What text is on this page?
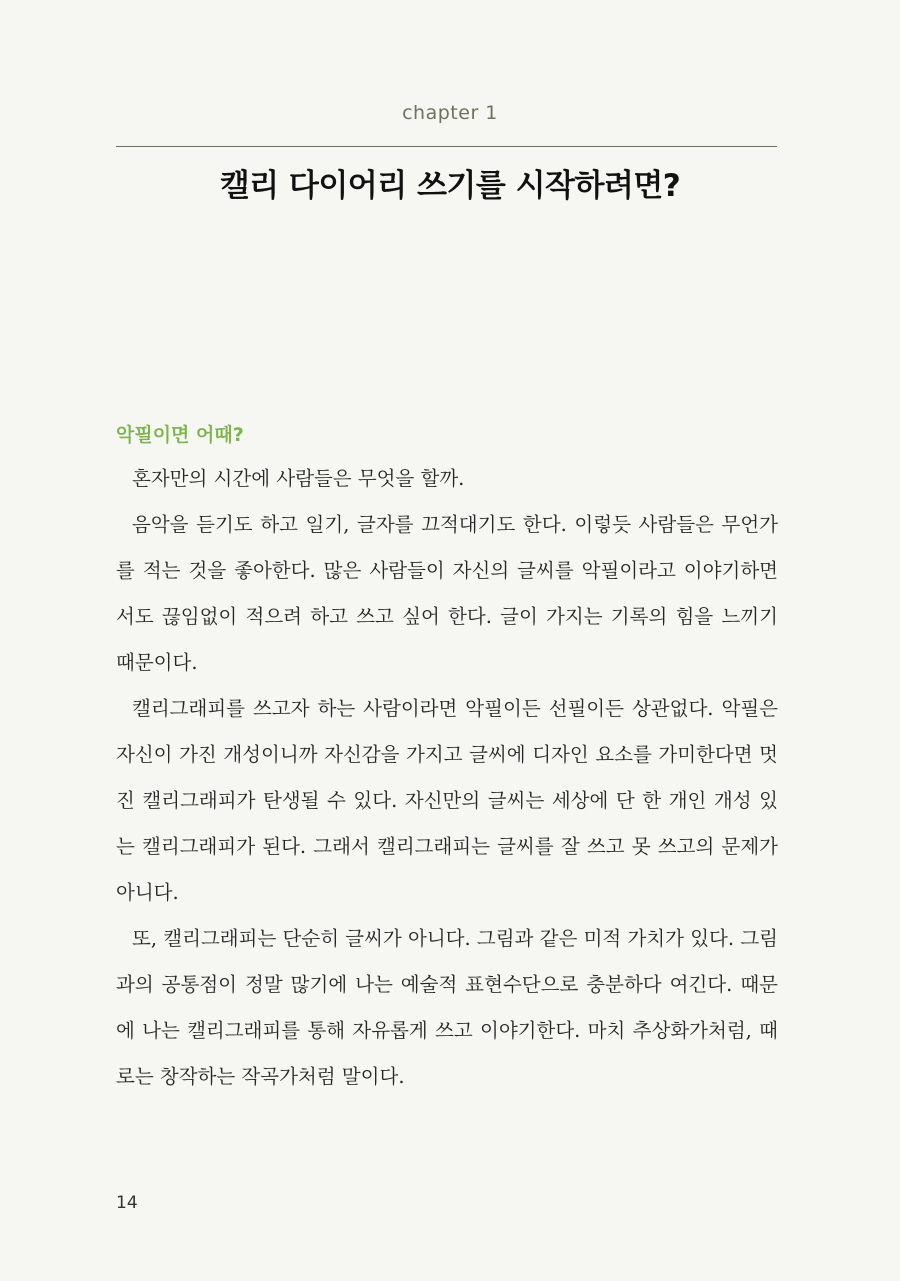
chapter 1
캘리 다이어리 쓰기를 시작하려면?
악필이면 어때?

혼자만의 시간에 사람들은 무엇을 할까.

음악을 듣기도 하고 일기, 글자를 끄적대기도 한다. 이렇듯 사람들은 무언가를 적는 것을 좋아한다. 많은 사람들이 자신의 글씨를 악필이라고 이야기하면서도 끊임없이 적으려 하고 쓰고 싶어 한다. 글이 가지는 기록의 힘을 느끼기 때문이다.

캘리그래피를 쓰고자 하는 사람이라면 악필이든 선필이든 상관없다. 악필은 자신이 가진 개성이니까 자신감을 가지고 글씨에 디자인 요소를 가미한다면 멋진 캘리그래피가 탄생될 수 있다. 자신만의 글씨는 세상에 단 한 개인 개성 있는 캘리그래피가 된다. 그래서 캘리그래피는 글씨를 잘 쓰고 못 쓰고의 문제가 아니다.

또, 캘리그래피는 단순히 글씨가 아니다. 그림과 같은 미적 가치가 있다. 그림과의 공통점이 정말 많기에 나는 예술적 표현수단으로 충분하다 여긴다. 때문에 나는 캘리그래피를 통해 자유롭게 쓰고 이야기한다. 마치 추상화가처럼, 때로는 창작하는 작곡가처럼 말이다.

14
